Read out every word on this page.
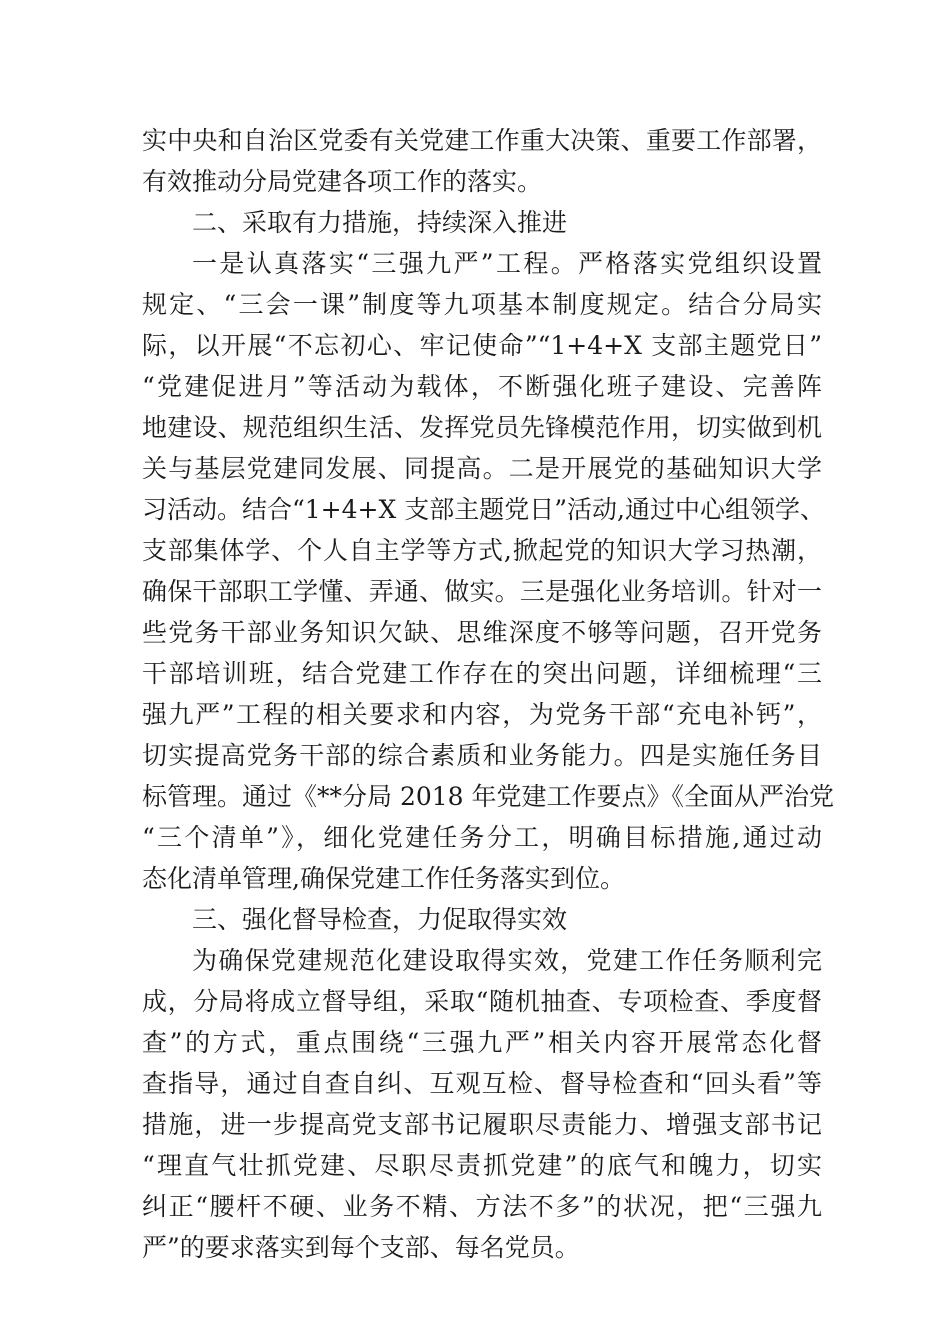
实中央和自治区党委有关党建工作重大决策、重要工作部署，
有效推动分局党建各项工作的落实。
二、采取有力措施，持续深入推进
一是认真落实“三强九严”工程。严格落实党组织设置
规定、“三会一课”制度等九项基本制度规定。结合分局实
际，以开展“不忘初心、牢记使命”“1+4+X 支部主题党日”
“党建促进月”等活动为载体，不断强化班子建设、完善阵
地建设、规范组织生活、发挥党员先锋模范作用，切实做到机
关与基层党建同发展、同提高。二是开展党的基础知识大学
习活动。结合“1+4+X 支部主题党日”活动,通过中心组领学、
支部集体学、个人自主学等方式,掀起党的知识大学习热潮，
确保干部职工学懂、弄通、做实。三是强化业务培训。针对一
些党务干部业务知识欠缺、思维深度不够等问题，召开党务
干部培训班，结合党建工作存在的突出问题，详细梳理“三
强九严”工程的相关要求和内容，为党务干部“充电补钙”，
切实提高党务干部的综合素质和业务能力。四是实施任务目
标管理。通过《**分局 2018 年党建工作要点》《全面从严治党
“三个清单”》，细化党建任务分工，明确目标措施,通过动
态化清单管理,确保党建工作任务落实到位。
三、强化督导检查，力促取得实效
为确保党建规范化建设取得实效，党建工作任务顺利完
成，分局将成立督导组，采取“随机抽查、专项检查、季度督
查”的方式，重点围绕“三强九严”相关内容开展常态化督
查指导，通过自查自纠、互观互检、督导检查和“回头看”等
措施，进一步提高党支部书记履职尽责能力、增强支部书记
“理直气壮抓党建、尽职尽责抓党建”的底气和魄力，切实
纠正“腰杆不硬、业务不精、方法不多”的状况，把“三强九
严”的要求落实到每个支部、每名党员。
